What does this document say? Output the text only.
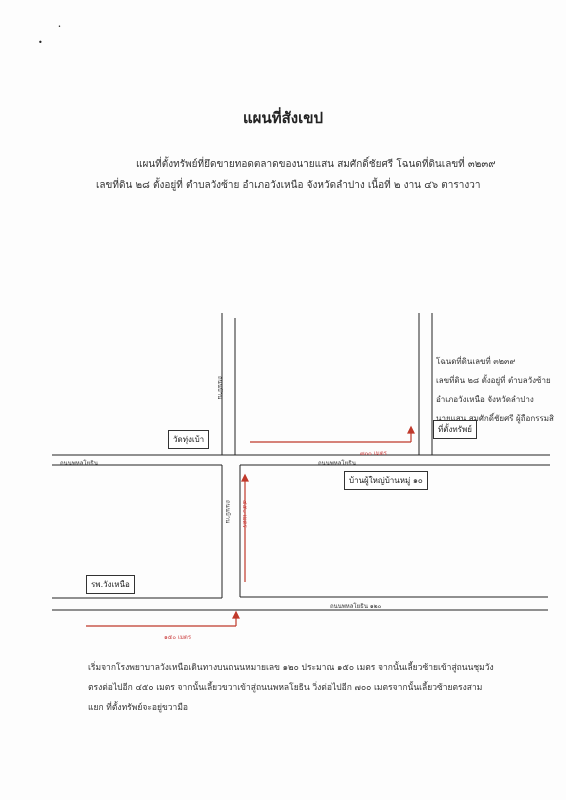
•
•
แผนที่สังเขป
แผนที่ตั้งทรัพย์ที่ยึดขายทอดตลาดของนายแสน สมศักดิ์ชัยศรี โฉนดที่ดินเลขที่ ๓๒๓๙
เลขที่ดิน ๒๘ ตั้งอยู่ที่ ตำบลวังซ้าย อำเภอวังเหนือ จังหวัดลำปาง เนื้อที่ ๒ งาน ๔๖ ตารางวา
ถนนบ้าน
ถนนพหลโยธิน	ถนนพหลโยธิน
ถนนบ้าน
ถนนพหลโยธิน ๑๒๐
๗๐๐ เมตร
๔๕๐ เมตร
๑๕๐ เมตร
วัดทุ่งเบ้า
รพ.วังเหนือ
บ้านผู้ใหญ่บ้านหมู่ ๑๐
ที่ตั้งทรัพย์
โฉนดที่ดินเลขที่ ๓๒๓๙
เลขที่ดิน ๒๘ ตั้งอยู่ที่ ตำบลวังซ้าย
อำเภอวังเหนือ จังหวัดลำปาง
นายแสน สมศักดิ์ชัยศรี ผู้ถือกรรมสิ
เริ่มจากโรงพยาบาลวังเหนือเดินทางบนถนนหมายเลข ๑๒๐ ประมาณ ๑๕๐ เมตร จากนั้นเลี้ยวซ้ายเข้าสู่ถนนชุมวัง
ตรงต่อไปอีก ๔๕๐ เมตร จากนั้นเลี้ยวขวาเข้าสู่ถนนพหลโยธิน วิ่งต่อไปอีก ๗๐๐ เมตรจากนั้นเลี้ยวซ้ายตรงสาม
แยก ที่ตั้งทรัพย์จะอยู่ขวามือ
